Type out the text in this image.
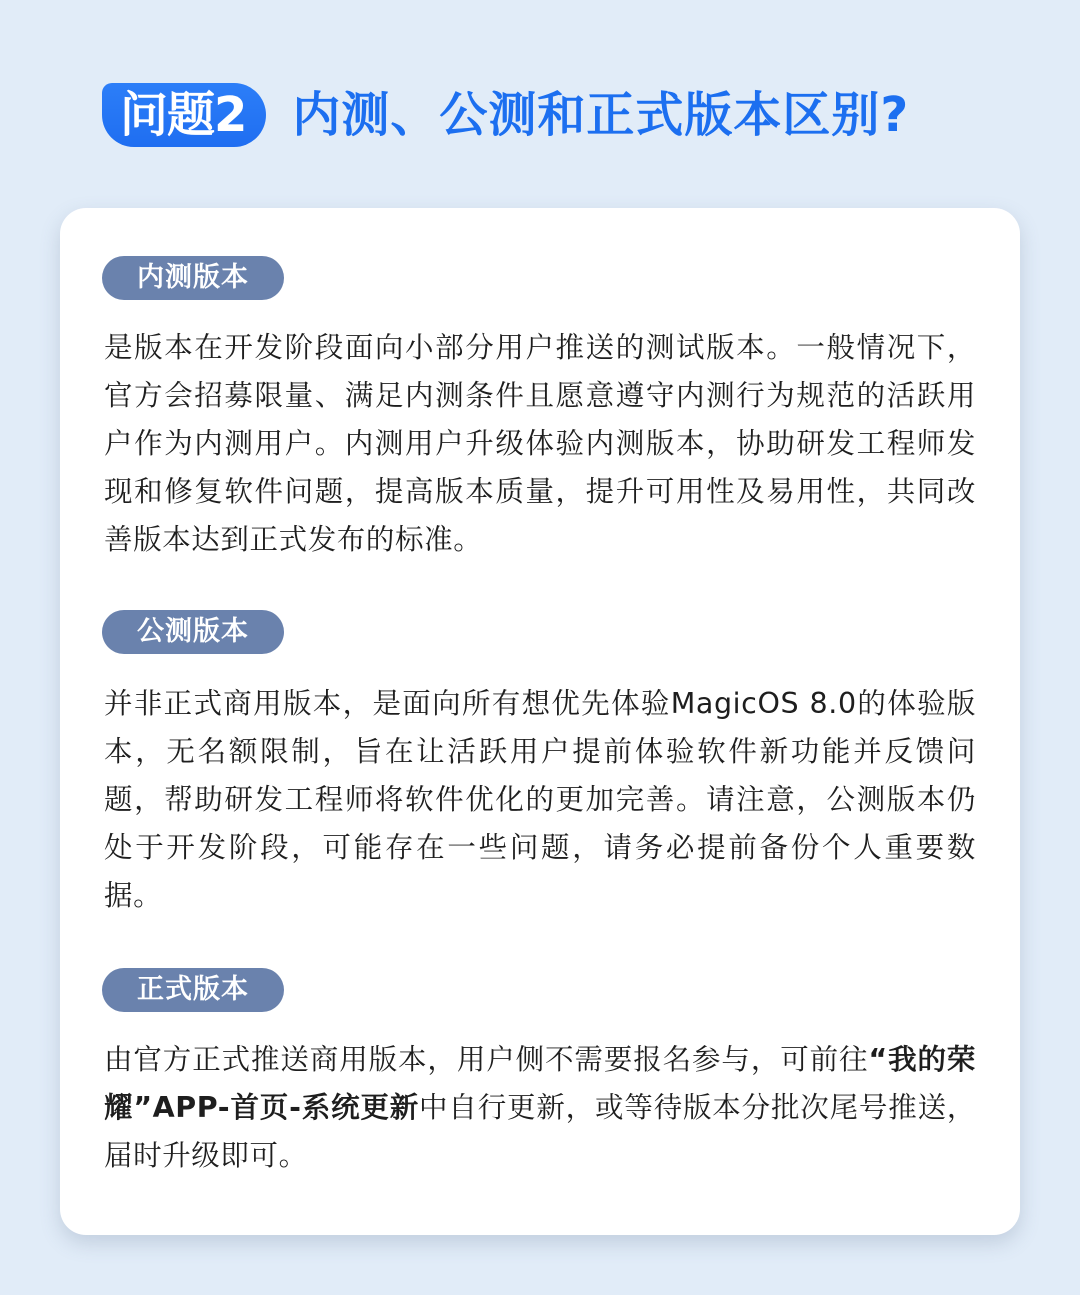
问题2 内测、公测和正式版本区别?
内测版本

是版本在开发阶段面向小部分用户推送的测试版本。一般情况下，官方会招募限量、满足内测条件且愿意遵守内测行为规范的活跃用户作为内测用户。内测用户升级体验内测版本，协助研发工程师发现和修复软件问题，提高版本质量，提升可用性及易用性，共同改善版本达到正式发布的标准。

公测版本

并非正式商用版本，是面向所有想优先体验MagicOS 8.0的体验版本，无名额限制，旨在让活跃用户提前体验软件新功能并反馈问题，帮助研发工程师将软件优化的更加完善。请注意，公测版本仍处于开发阶段，可能存在一些问题，请务必提前备份个人重要数据。

正式版本

由官方正式推送商用版本，用户侧不需要报名参与，可前往“我的荣耀”APP-首页-系统更新中自行更新，或等待版本分批次尾号推送，届时升级即可。
